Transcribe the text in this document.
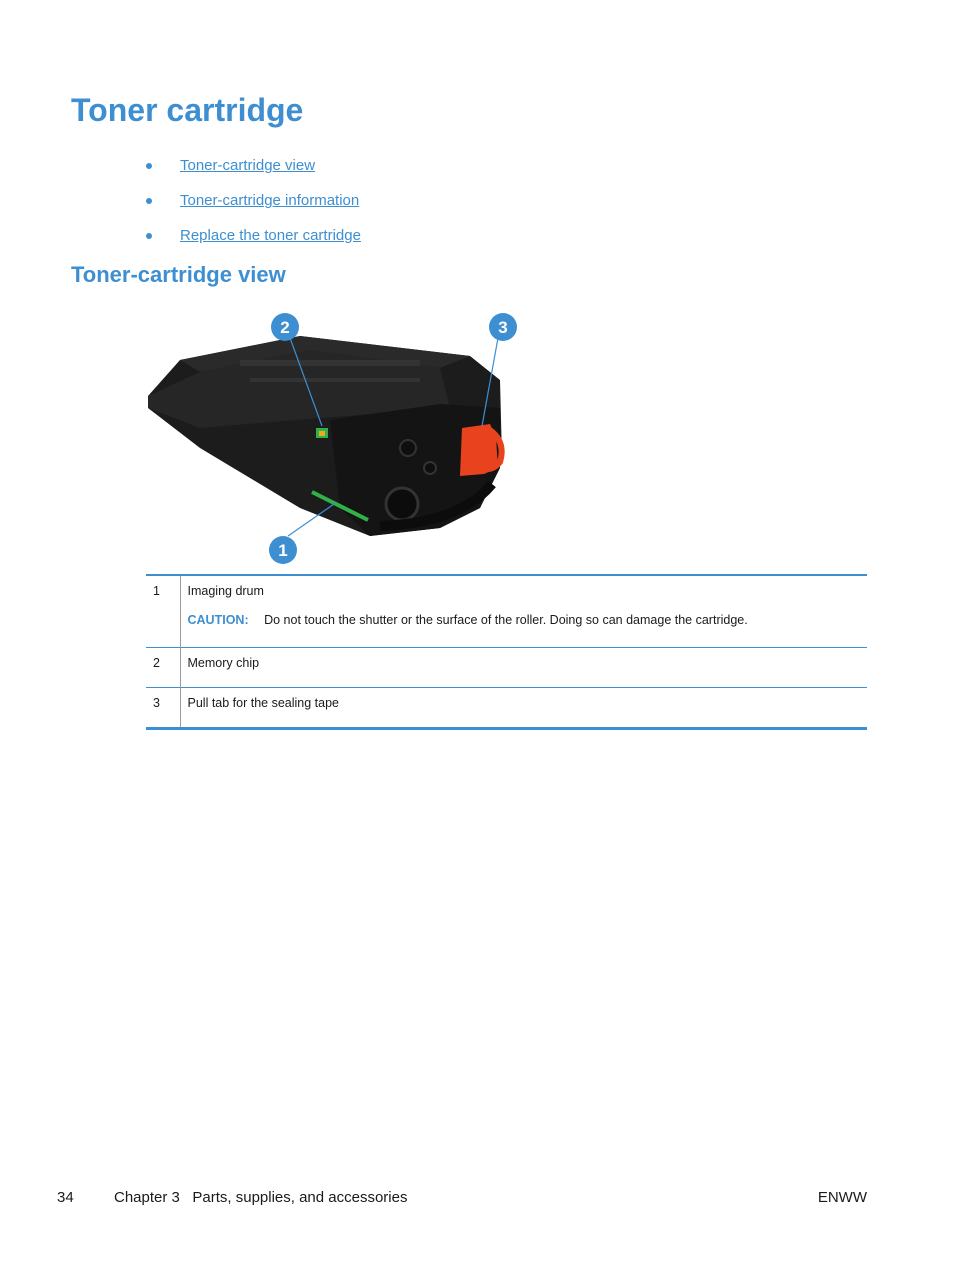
Toner cartridge
Toner-cartridge view
Toner-cartridge information
Replace the toner cartridge
Toner-cartridge view
2	3
1
1	Imaging drum
CAUTION: Do not touch the shutter or the surface of the roller. Doing so can damage the cartridge.

2	Memory chip
3	Pull tab for the sealing tape
34	Chapter 3   Parts, supplies, and accessories	ENWW
